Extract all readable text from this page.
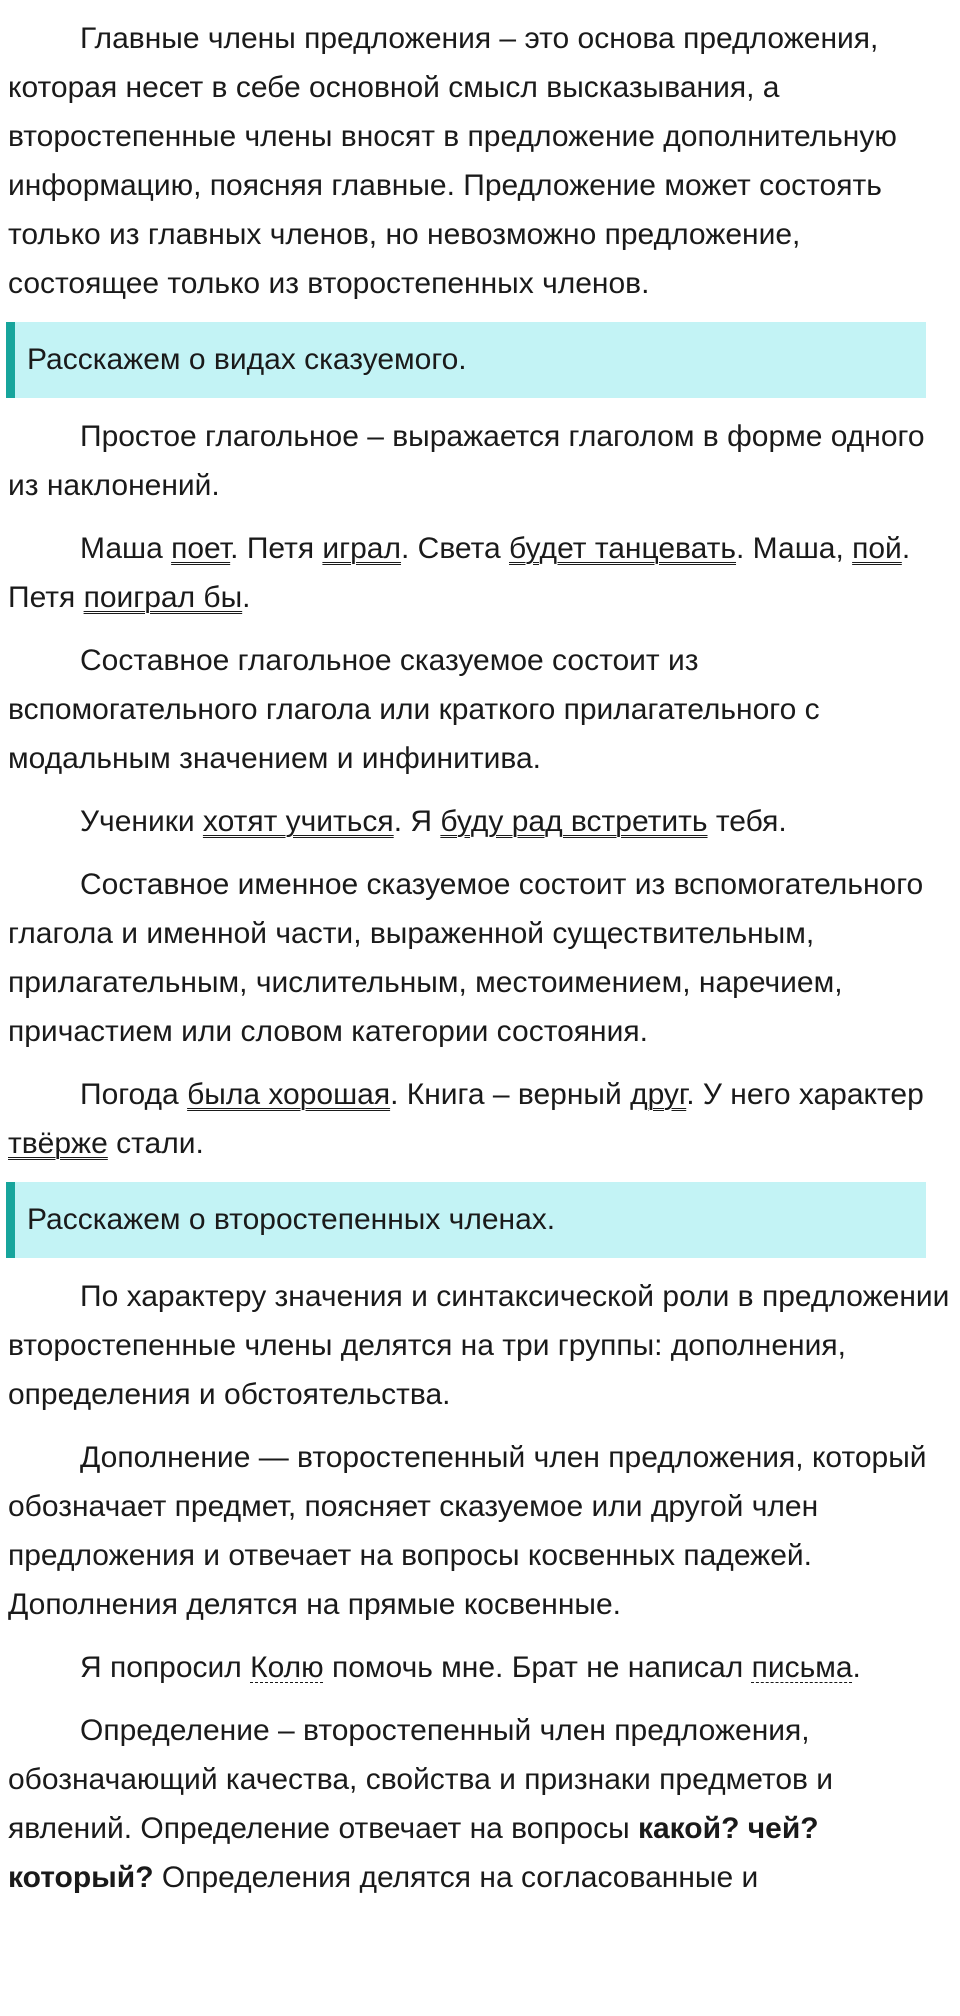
Главные члены предложения – это основа предложения, которая несет в себе основной смысл высказывания, а второстепенные члены вносят в предложение дополнительную информацию, поясняя главные. Предложение может состоять только из главных членов, но невозможно предложение, состоящее только из второстепенных членов.

Расскажем о видах сказуемого.

Простое глагольное – выражается глаголом в форме одного из наклонений.

Маша поет. Петя играл. Света будет танцевать. Маша, пой. Петя поиграл бы.

Составное глагольное сказуемое состоит из вспомогательного глагола или краткого прилагательного с модальным значением и инфинитива.

Ученики хотят учиться. Я буду рад встретить тебя.

Составное именное сказуемое состоит из вспомогательного глагола и именной части, выраженной существительным, прилагательным, числительным, местоимением, наречием, причастием или словом категории состояния.

Погода была хорошая. Книга – верный друг. У него характер твёрже стали.

Расскажем о второстепенных членах.

По характеру значения и синтаксической роли в предложении второстепенные члены делятся на три группы: дополнения, определения и обстоятельства.

Дополнение — второстепенный член предложения, который обозначает предмет, поясняет сказуемое или другой член предложения и отвечает на вопросы косвенных падежей. Дополнения делятся на прямые косвенные.

Я попросил Колю помочь мне. Брат не написал письма.

Определение – второстепенный член предложения, обозначающий качества, свойства и признаки предметов и явлений. Определение отвечает на вопросы какой? чей? который? Определения делятся на согласованные и
